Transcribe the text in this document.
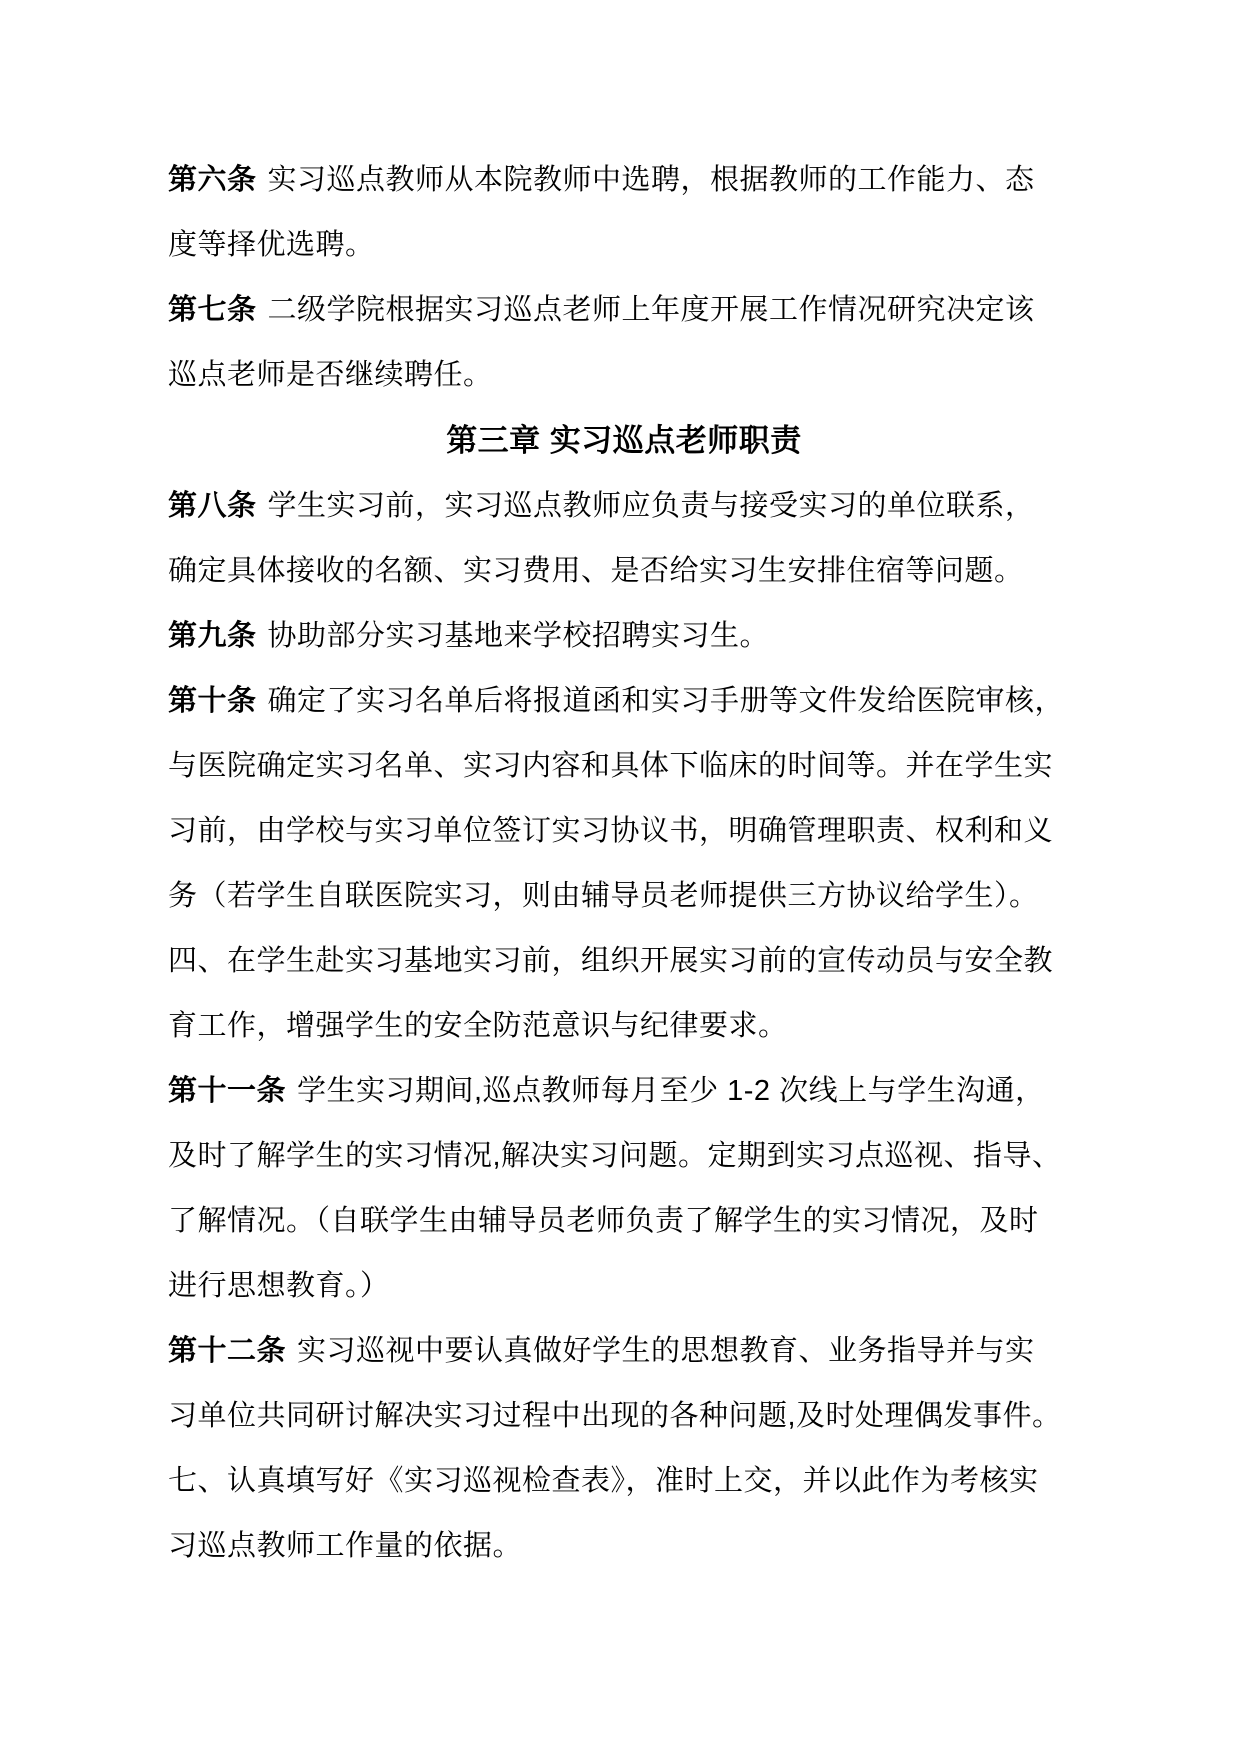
第六条 实习巡点教师从本院教师中选聘，根据教师的工作能力、态

度等择优选聘。

第七条 二级学院根据实习巡点老师上年度开展工作情况研究决定该

巡点老师是否继续聘任。

第三章 实习巡点老师职责

第八条 学生实习前，实习巡点教师应负责与接受实习的单位联系，

确定具体接收的名额、实习费用、是否给实习生安排住宿等问题。

第九条 协助部分实习基地来学校招聘实习生。

第十条 确定了实习名单后将报道函和实习手册等文件发给医院审核，

与医院确定实习名单、实习内容和具体下临床的时间等。并在学生实

习前，由学校与实习单位签订实习协议书，明确管理职责、权利和义

务（若学生自联医院实习，则由辅导员老师提供三方协议给学生）。

四、在学生赴实习基地实习前，组织开展实习前的宣传动员与安全教

育工作，增强学生的安全防范意识与纪律要求。

第十一条 学生实习期间,巡点教师每月至少 1-2 次线上与学生沟通，

及时了解学生的实习情况,解决实习问题。定期到实习点巡视、指导、

了解情况。（自联学生由辅导员老师负责了解学生的实习情况，及时

进行思想教育。）

第十二条 实习巡视中要认真做好学生的思想教育、业务指导并与实

习单位共同研讨解决实习过程中出现的各种问题,及时处理偶发事件。

七、认真填写好《实习巡视检查表》，准时上交，并以此作为考核实

习巡点教师工作量的依据。
